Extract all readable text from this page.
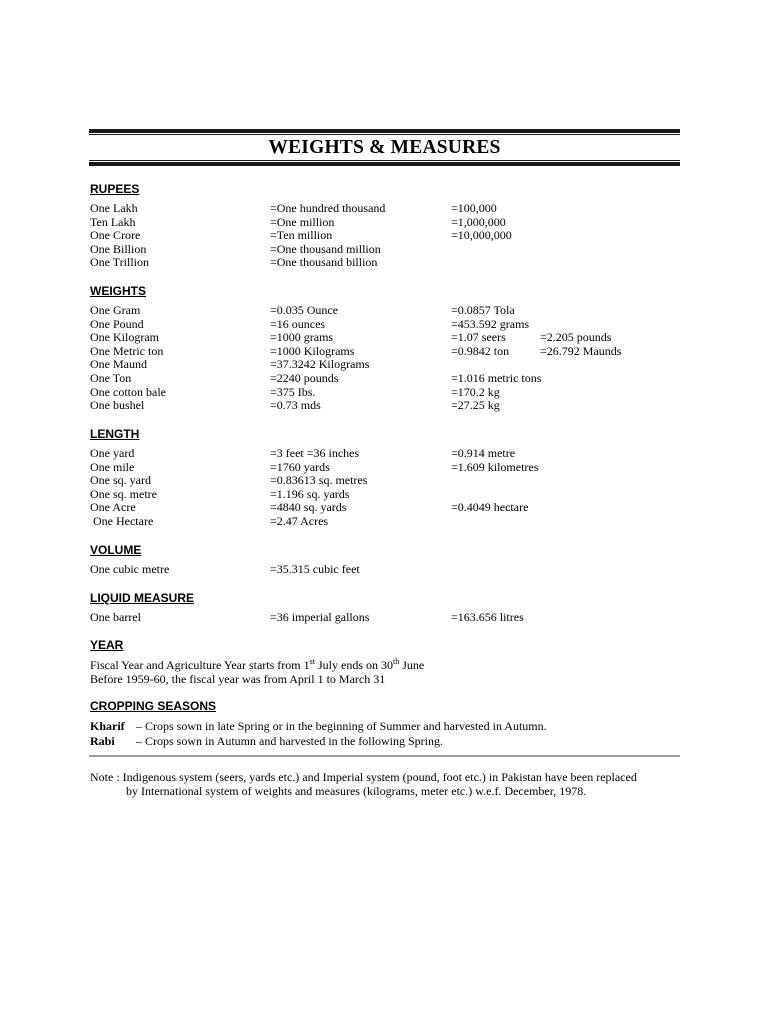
WEIGHTS & MEASURES
RUPEES
One Lakh	=One hundred thousand	=100,000
Ten Lakh	=One million	=1,000,000
One Crore	=Ten million	=10,000,000
One Billion	=One thousand million
One Trillion	=One thousand billion
WEIGHTS
One Gram	=0.035 Ounce	=0.0857 Tola
One Pound	=16 ounces	=453.592 grams
One Kilogram	=1000 grams	=1.07 seers	=2.205 pounds
One Metric ton	=1000 Kilograms	=0.9842 ton	=26.792 Maunds
One Maund	=37.3242 Kilograms
One Ton	=2240 pounds	=1.016 metric tons
One cotton bale	=375 Ibs.	=170.2 kg
One bushel	=0.73 mds	=27.25 kg
LENGTH
One yard	=3 feet =36 inches	=0.914 metre
One mile	=1760 yards	=1.609 kilometres
One sq. yard	=0.83613 sq. metres
One sq. metre	=1.196 sq. yards
One Acre	=4840 sq. yards	=0.4049 hectare
One Hectare	=2.47 Acres
VOLUME
One cubic metre	=35.315 cubic feet
LIQUID MEASURE
One barrel	=36 imperial gallons	=163.656 litres
YEAR
Fiscal Year and Agriculture Year starts from 1st July ends on 30th June
Before 1959-60, the fiscal year was from April 1 to March 31
CROPPING SEASONS
Kharif – Crops sown in late Spring or in the beginning of Summer and harvested in Autumn.
Rabi – Crops sown in Autumn and harvested in the following Spring.
Note : Indigenous system (seers, yards etc.) and Imperial system (pound, foot etc.) in Pakistan have been replaced
by International system of weights and measures (kilograms, meter etc.) w.e.f. December, 1978.
